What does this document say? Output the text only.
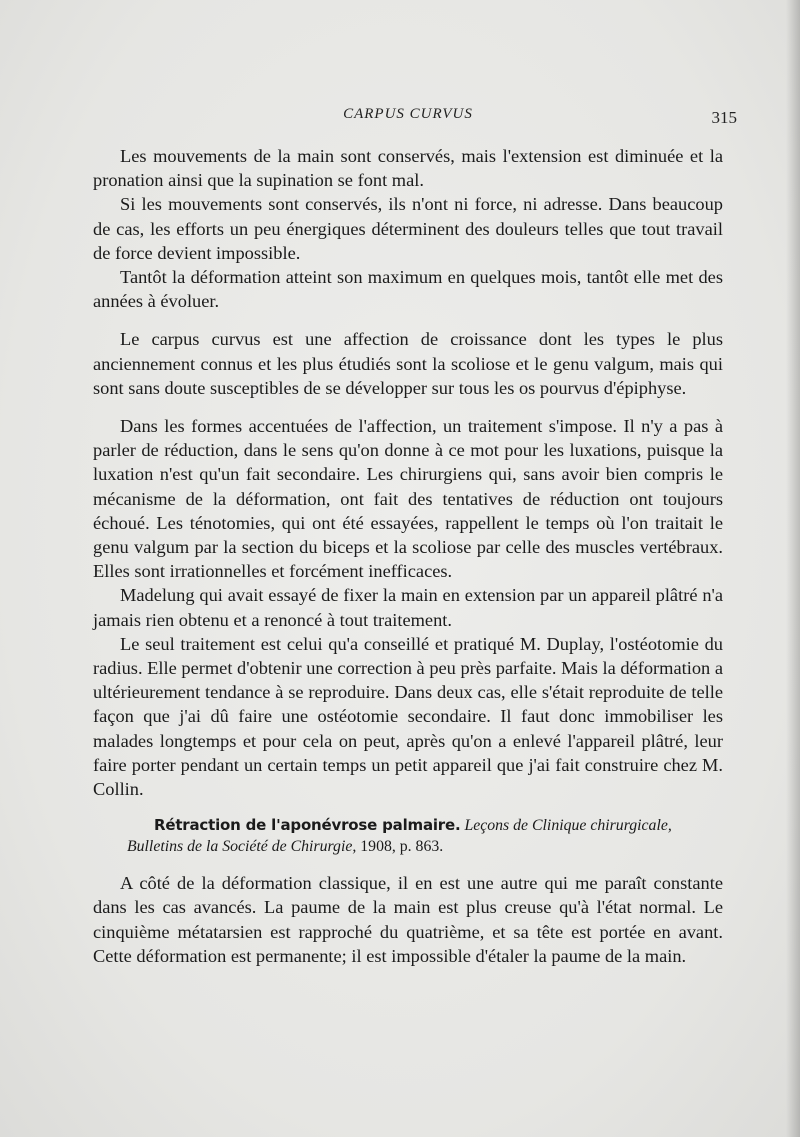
CARPUS CURVUS	315

Les mouvements de la main sont conservés, mais l'extension est diminuée et la pronation ainsi que la supination se font mal.

Si les mouvements sont conservés, ils n'ont ni force, ni adresse. Dans beaucoup de cas, les efforts un peu énergiques déterminent des douleurs telles que tout travail de force devient impossible.

Tantôt la déformation atteint son maximum en quelques mois, tantôt elle met des années à évoluer.

Le carpus curvus est une affection de croissance dont les types le plus anciennement connus et les plus étudiés sont la scoliose et le genu valgum, mais qui sont sans doute susceptibles de se développer sur tous les os pourvus d'épiphyse.

Dans les formes accentuées de l'affection, un traitement s'impose. Il n'y a pas à parler de réduction, dans le sens qu'on donne à ce mot pour les luxations, puisque la luxation n'est qu'un fait secondaire. Les chirurgiens qui, sans avoir bien compris le mécanisme de la déformation, ont fait des tentatives de réduction ont toujours échoué. Les ténotomies, qui ont été essayées, rappellent le temps où l'on traitait le genu valgum par la section du biceps et la scoliose par celle des muscles vertébraux. Elles sont irrationnelles et forcément inefficaces.

Madelung qui avait essayé de fixer la main en extension par un appareil plâtré n'a jamais rien obtenu et a renoncé à tout traitement.

Le seul traitement est celui qu'a conseillé et pratiqué M. Duplay, l'ostéotomie du radius. Elle permet d'obtenir une correction à peu près parfaite. Mais la déformation a ultérieurement tendance à se reproduire. Dans deux cas, elle s'était reproduite de telle façon que j'ai dû faire une ostéotomie secondaire. Il faut donc immobiliser les malades longtemps et pour cela on peut, après qu'on a enlevé l'appareil plâtré, leur faire porter pendant un certain temps un petit appareil que j'ai fait construire chez M. Collin.

Rétraction de l'aponévrose palmaire. Leçons de Clinique chirurgicale, Bulletins de la Société de Chirurgie, 1908, p. 863.

A côté de la déformation classique, il en est une autre qui me paraît constante dans les cas avancés. La paume de la main est plus creuse qu'à l'état normal. Le cinquième métatarsien est rapproché du quatrième, et sa tête est portée en avant. Cette déformation est permanente; il est impossible d'étaler la paume de la main.
